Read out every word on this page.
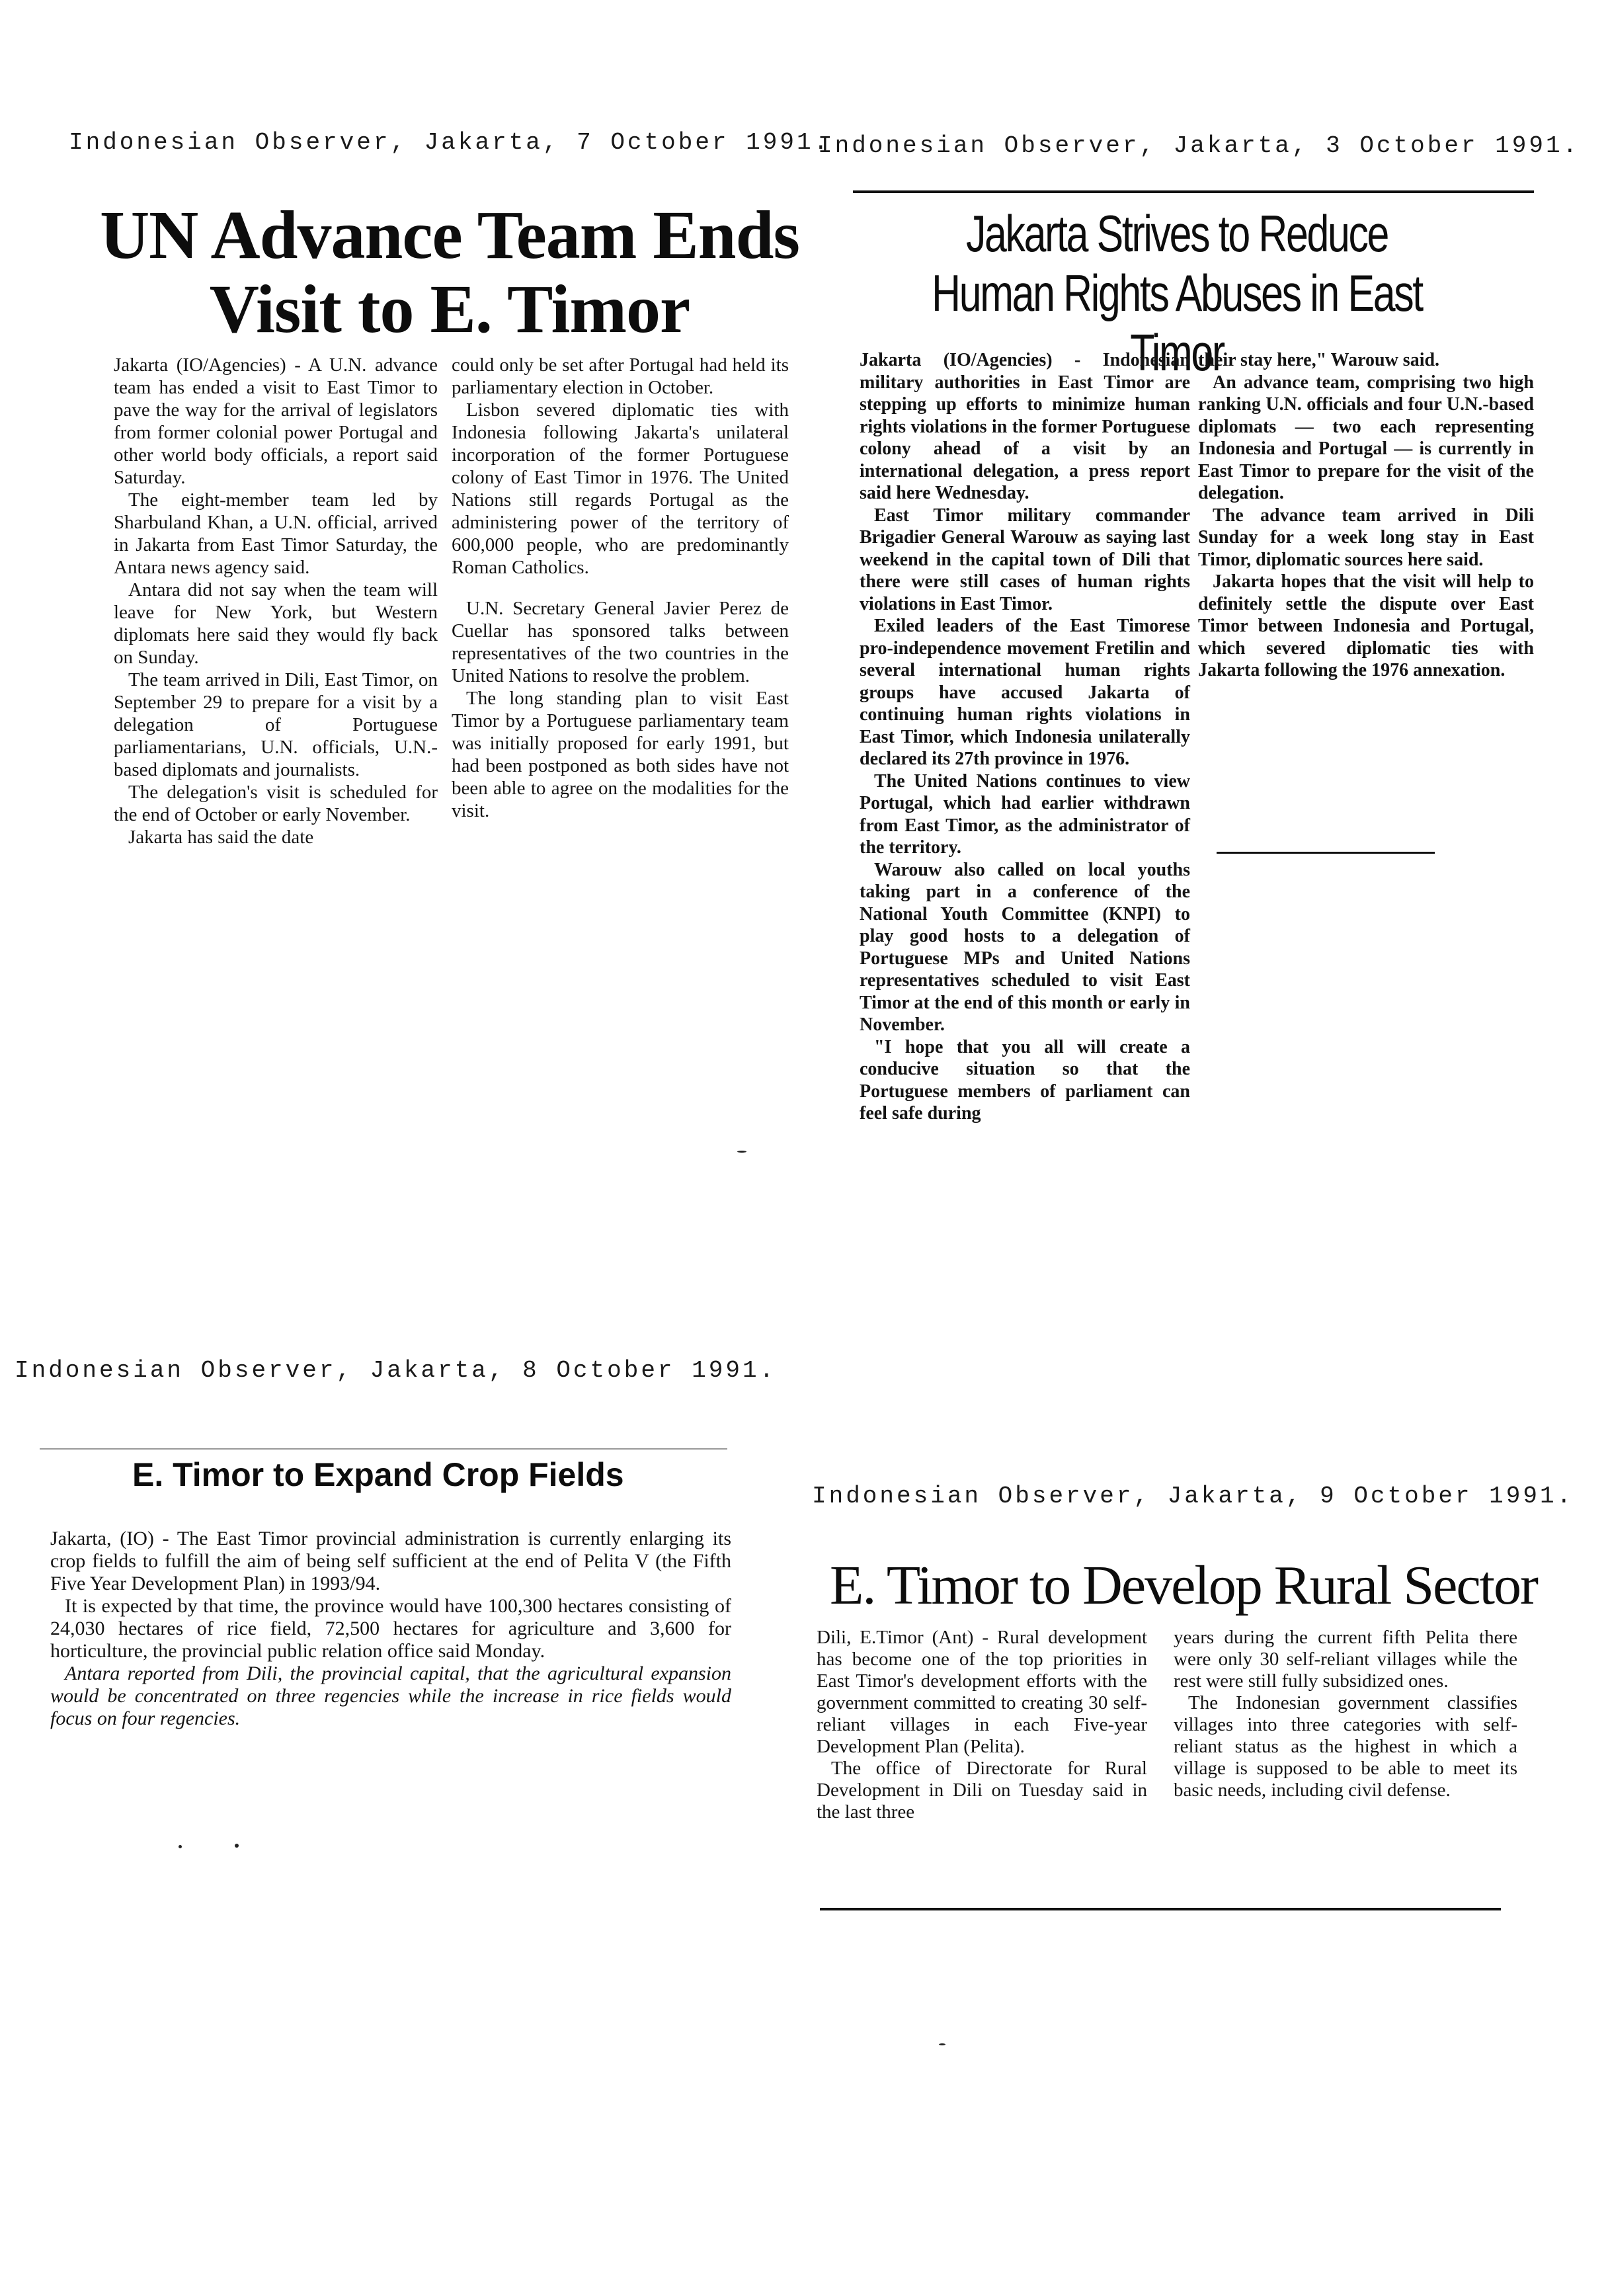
Indonesian Observer, Jakarta, 7 October 1991.

UN Advance Team Ends Visit to E. Timor

Jakarta (IO/Agencies) - A U.N. advance team has ended a visit to East Timor to pave the way for the arrival of legislators from former colonial power Portugal and other world body officials, a report said Saturday.

The eight-member team led by Sharbuland Khan, a U.N. official, arrived in Jakarta from East Timor Saturday, the Antara news agency said.

Antara did not say when the team will leave for New York, but Western diplomats here said they would fly back on Sunday.

The team arrived in Dili, East Timor, on September 29 to prepare for a visit by a delegation of Portuguese parliamentarians, U.N. officials, U.N.-based diplomats and journalists.

The delegation's visit is scheduled for the end of October or early November.

Jakarta has said the date

could only be set after Portugal had held its parliamentary election in October.

Lisbon severed diplomatic ties with Indonesia following Jakarta's unilateral incorporation of the former Portuguese colony of East Timor in 1976. The United Nations still regards Portugal as the administering power of the territory of 600,000 people, who are predominantly Roman Catholics.

U.N. Secretary General Javier Perez de Cuellar has sponsored talks between representatives of the two countries in the United Nations to resolve the problem.

The long standing plan to visit East Timor by a Portuguese parliamentary team was initially proposed for early 1991, but had been postponed as both sides have not been able to agree on the modalities for the visit.

Indonesian Observer, Jakarta, 3 October 1991.

Jakarta Strives to Reduce Human Rights Abuses in East Timor

Jakarta (IO/Agencies) - Indonesian military authorities in East Timor are stepping up efforts to minimize human rights violations in the former Portuguese colony ahead of a visit by an international delegation, a press report said here Wednesday.

East Timor military commander Brigadier General Warouw as saying last weekend in the capital town of Dili that there were still cases of human rights violations in East Timor.

Exiled leaders of the East Timorese pro-independence movement Fretilin and several international human rights groups have accused Jakarta of continuing human rights violations in East Timor, which Indonesia unilaterally declared its 27th province in 1976.

The United Nations continues to view Portugal, which had earlier withdrawn from East Timor, as the administrator of the territory.

Warouw also called on local youths taking part in a conference of the National Youth Committee (KNPI) to play good hosts to a delegation of Portuguese MPs and United Nations representatives scheduled to visit East Timor at the end of this month or early in November.

"I hope that you all will create a conducive situation so that the Portuguese members of parliament can feel safe during

their stay here," Warouw said.

An advance team, comprising two high ranking U.N. officials and four U.N.-based diplomats — two each representing Indonesia and Portugal — is currently in East Timor to prepare for the visit of the delegation.

The advance team arrived in Dili Sunday for a week long stay in East Timor, diplomatic sources here said.

Jakarta hopes that the visit will help to definitely settle the dispute over East Timor between Indonesia and Portugal, which severed diplomatic ties with Jakarta following the 1976 annexation.

Indonesian Observer, Jakarta, 8 October 1991.

E. Timor to Expand Crop Fields

Jakarta, (IO) - The East Timor provincial administration is currently enlarging its crop fields to fulfill the aim of being self sufficient at the end of Pelita V (the Fifth Five Year Development Plan) in 1993/94.

It is expected by that time, the province would have 100,300 hectares consisting of 24,030 hectares of rice field, 72,500 hectares for agriculture and 3,600 for horticulture, the provincial public relation office said Monday.

Antara reported from Dili, the provincial capital, that the agricultural expansion would be concentrated on three regencies while the increase in rice fields would focus on four regencies.

Indonesian Observer, Jakarta, 9 October 1991.

E. Timor to Develop Rural Sector

Dili, E.Timor (Ant) - Rural development has become one of the top priorities in East Timor's development efforts with the government committed to creating 30 self-reliant villages in each Five-year Development Plan (Pelita).

The office of Directorate for Rural Development in Dili on Tuesday said in the last three

years during the current fifth Pelita there were only 30 self-reliant villages while the rest were still fully subsidized ones.

The Indonesian government classifies villages into three categories with self-reliant status as the highest in which a village is supposed to be able to meet its basic needs, including civil defense.
